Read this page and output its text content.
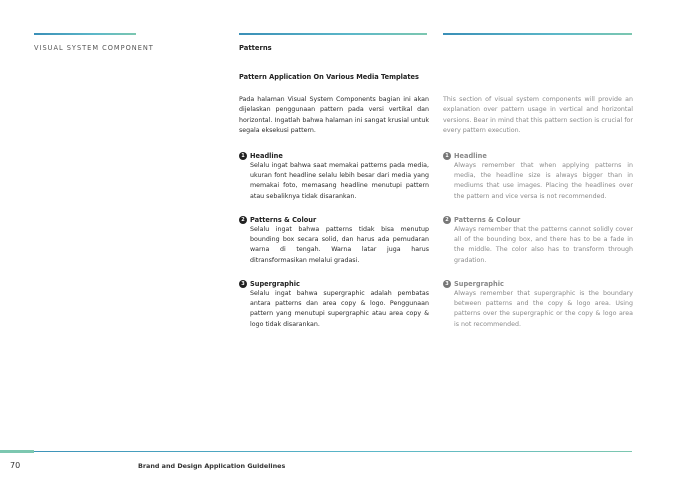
VISUAL SYSTEM COMPONENT	Patterns
Pattern Application On Various Media Templates
Pada halaman Visual System Components bagian ini akan dijelaskan penggunaan pattern pada versi vertikal dan horizontal. Ingatlah bahwa halaman ini sangat krusial untuk segala eksekusi pattern.
1 Headline

Selalu ingat bahwa saat memakai patterns pada media, ukuran font headline selalu lebih besar dari media yang memakai foto, memasang headline menutupi pattern atau sebaliknya tidak disarankan.

2 Patterns & Colour

Selalu ingat bahwa patterns tidak bisa menutup bounding box secara solid, dan harus ada pemudaran warna di tengah. Warna latar juga harus ditransformasikan melalui gradasi.

3 Supergraphic

Selalu ingat bahwa supergraphic adalah pembatas antara patterns dan area copy & logo. Penggunaan pattern yang menutupi supergraphic atau area copy & logo tidak disarankan.

This section of visual system components will provide an explanation over pattern usage in vertical and horizontal versions. Bear in mind that this pattern section is crucial for every pattern execution.
1 Headline

Always remember that when applying patterns in media, the headline size is always bigger than in mediums that use images. Placing the headlines over the pattern and vice versa is not recommended.

2 Patterns & Colour

Always remember that the patterns cannot solidly cover all of the bounding box, and there has to be a fade in the middle. The color also has to transform through gradation.

3 Supergraphic

Always remember that supergraphic is the boundary between patterns and the copy & logo area. Using patterns over the supergraphic or the copy & logo area is not recommended.

70	Brand and Design Application Guidelines
